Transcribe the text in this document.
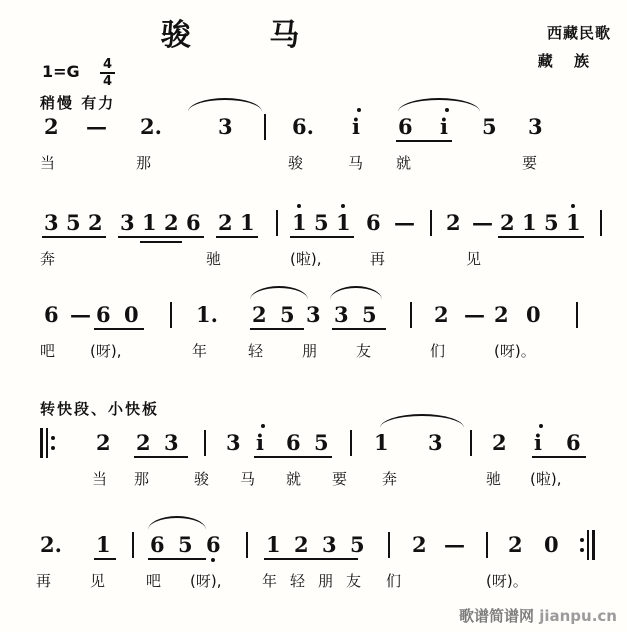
骏 马	西藏民歌
藏 族
1=G 4
4
稍慢 有力
转快段、小快板
2 — 2.	3	6. i 6 i 5 3
当	那	骏	马 就	要
3 5 2 3 1 2 6 2 1 1 5 1 6 — 2 — 2 1 5 1
奔	驰	(啦),	再	见
6 — 6 0	1. 2 5 3 3 5	2 — 2 0
吧 (呀),	年	轻	朋	友	们	(呀)。
2 2 3 3 i 6 5 1 3 2 i 6
当 那	骏 马 就 要 奔	驰 (啦),
2. 1 6 5 6 1 2 3 5 2 — 2 0
再	见	吧 (呀),	年 轻 朋 友 们	(呀)。
歌谱简谱网 jianpu.cn
